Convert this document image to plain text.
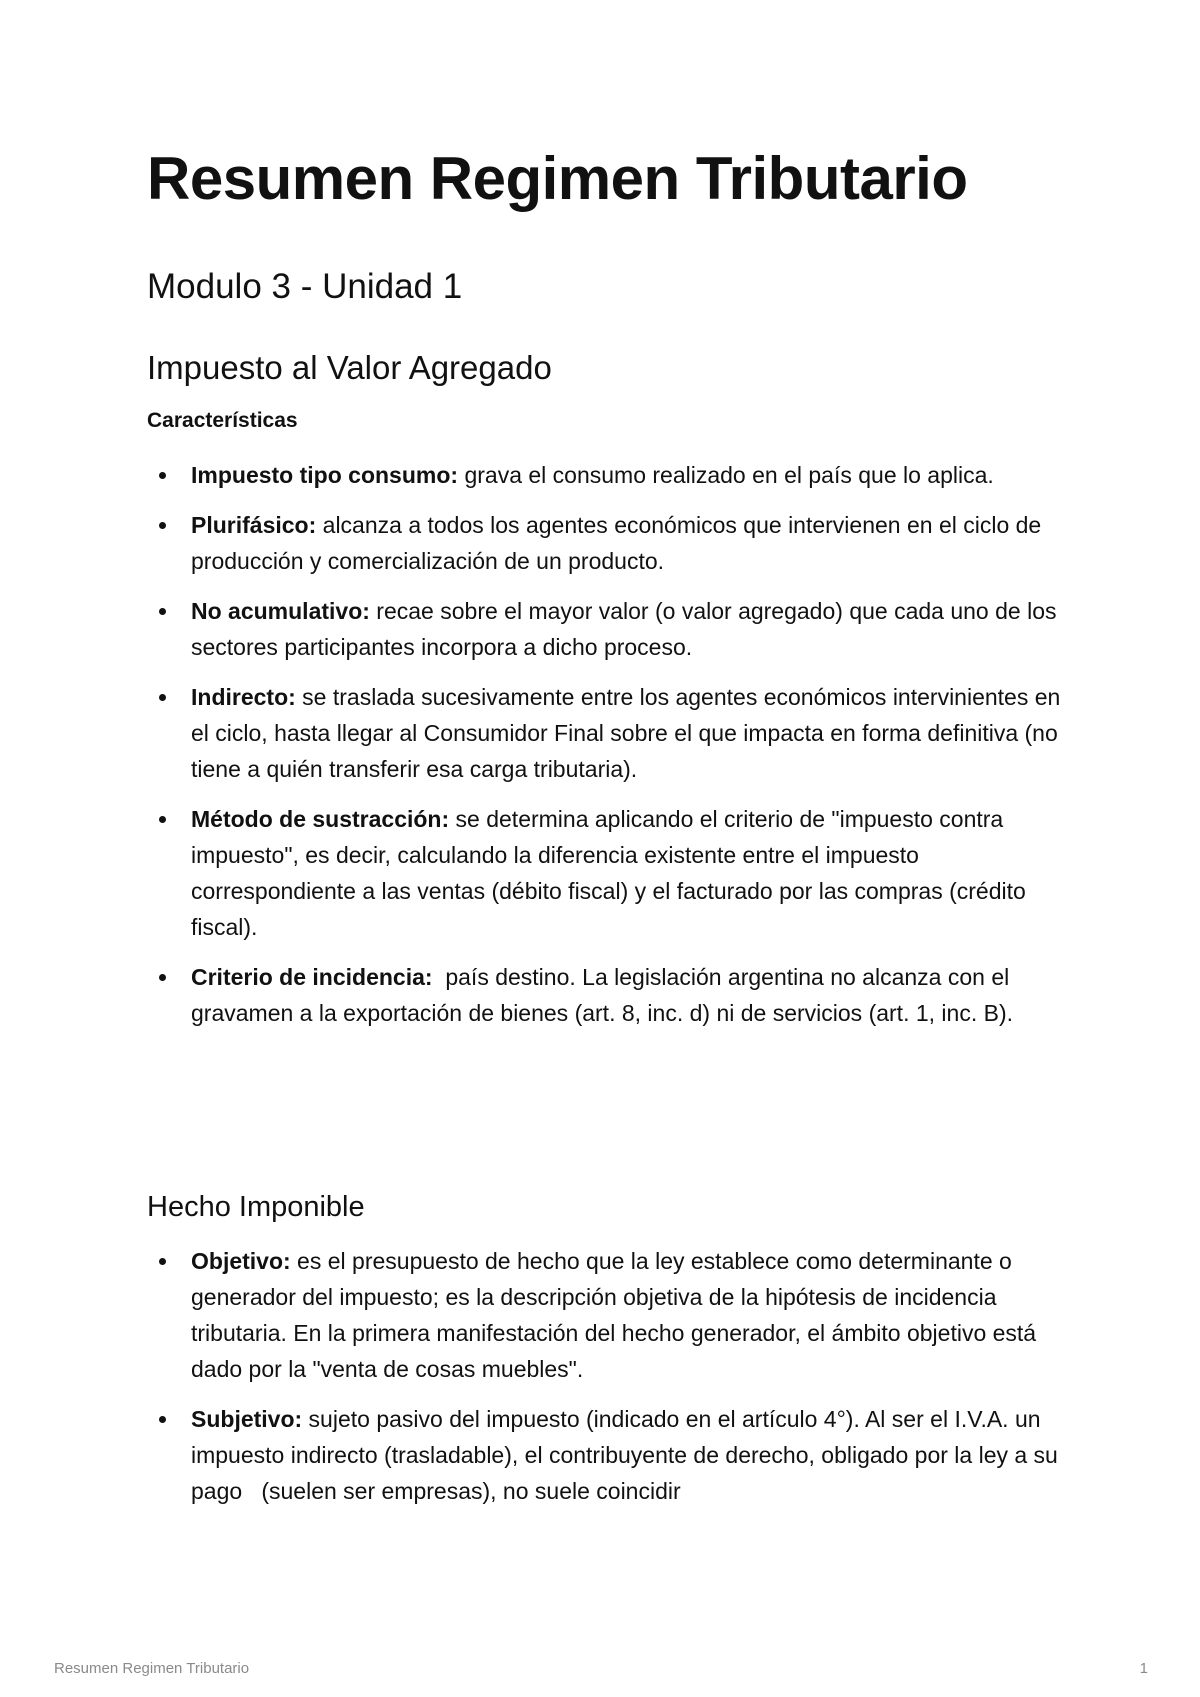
Resumen Regimen Tributario
Modulo 3 - Unidad 1
Impuesto al Valor Agregado
Características
Impuesto tipo consumo: grava el consumo realizado en el país que lo aplica.
Plurifásico: alcanza a todos los agentes económicos que intervienen en el ciclo de producción y comercialización de un producto.
No acumulativo: recae sobre el mayor valor (o valor agregado) que cada uno de los sectores participantes incorpora a dicho proceso.
Indirecto: se traslada sucesivamente entre los agentes económicos intervinientes en el ciclo, hasta llegar al Consumidor Final sobre el que impacta en forma definitiva (no tiene a quién transferir esa carga tributaria).
Método de sustracción: se determina aplicando el criterio de "impuesto contra impuesto", es decir, calculando la diferencia existente entre el impuesto correspondiente a las ventas (débito fiscal) y el facturado por las compras (crédito fiscal).
Criterio de incidencia:  país destino. La legislación argentina no alcanza con el gravamen a la exportación de bienes (art. 8, inc. d) ni de servicios (art. 1, inc. B).
Hecho Imponible
Objetivo: es el presupuesto de hecho que la ley establece como determinante o generador del impuesto; es la descripción objetiva de la hipótesis de incidencia tributaria. En la primera manifestación del hecho generador, el ámbito objetivo está dado por la "venta de cosas muebles".
Subjetivo: sujeto pasivo del impuesto (indicado en el artículo 4°). Al ser el I.V.A. un impuesto indirecto (trasladable), el contribuyente de derecho, obligado por la ley a su  pago   (suelen ser empresas), no suele coincidir
Resumen Regimen Tributario	1
